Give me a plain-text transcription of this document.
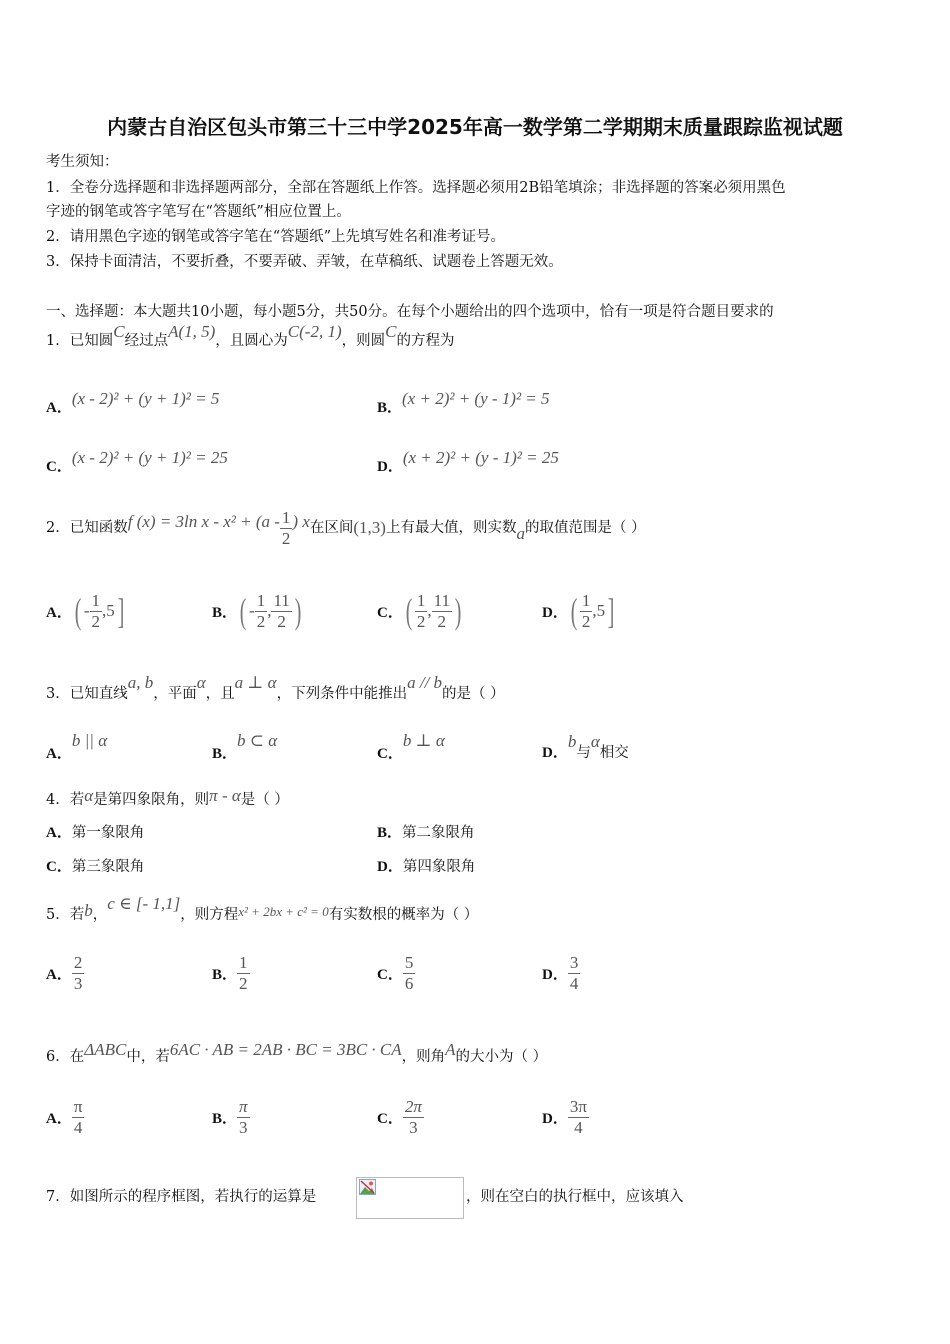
内蒙古自治区包头市第三十三中学2025年高一数学第二学期期末质量跟踪监视试题
考生须知：
1．全卷分选择题和非选择题两部分，全部在答题纸上作答。选择题必须用2B铅笔填涂；非选择题的答案必须用黑色
字迹的钢笔或答字笔写在“答题纸”相应位置上。
2．请用黑色字迹的钢笔或答字笔在“答题纸”上先填写姓名和准考证号。
3．保持卡面清洁，不要折叠，不要弄破、弄皱，在草稿纸、试题卷上答题无效。
一、选择题：本大题共10小题，每小题5分，共50分。在每个小题给出的四个选项中，恰有一项是符合题目要求的
1．已知圆C经过点A(1, 5)，且圆心为C(-2, 1)，则圆C的方程为
A．(x - 2)² + (y + 1)² = 5	B．(x + 2)² + (y - 1)² = 5
C．(x - 2)² + (y + 1)² = 25	D．(x + 2)² + (y - 1)² = 25
2． 已知函数 f (x) = 3ln $x - x^2 + (a - \frac{1}{2}$ ) x 在区间 (1,3) 上有最大值，则实数 a 的取值范围是（ ）
A． ( - $\frac{1}{2} ,5$ ]	B． ( - $\frac{1}{2}$ , $\frac{11}{2}$ )	C． ( $\frac{1}{2}$ , $\frac{11}{2}$ )	D． ( $\frac{1}{2} ,5$ ]
3．已知直线a, b，平面α，且a ⊥ α，下列条件中能推出a // b的是（ ）
A．b || α
B．b ⊂ α
C．b ⊥ α
D．b与α相交
4．若α是第四象限角，则π - α是（ ）
A．第一象限角	B．第二象限角
C．第三象限角	D．第四象限角
5．若b，c ∈ [- 1,1]，则方程x² + 2bx + c² = 0有实数根的概率为（ ）
A． $\frac{2}{3}$	B． $\frac{1}{2}$	C． $\frac{5}{6}$	D． $\frac{3}{4}$
6．在ΔABC中，若6AC · AB = 2AB · BC = 3BC · CA，则角A的大小为（ ）
A． $\frac{\pi}{4}$	B． $\frac{\pi}{3}$	C． $\frac{2\pi}{3}$	D． $\frac{3\pi}{4}$
7．如图所示的程序框图，若执行的运算是	，则在空白的执行框中，应该填入
